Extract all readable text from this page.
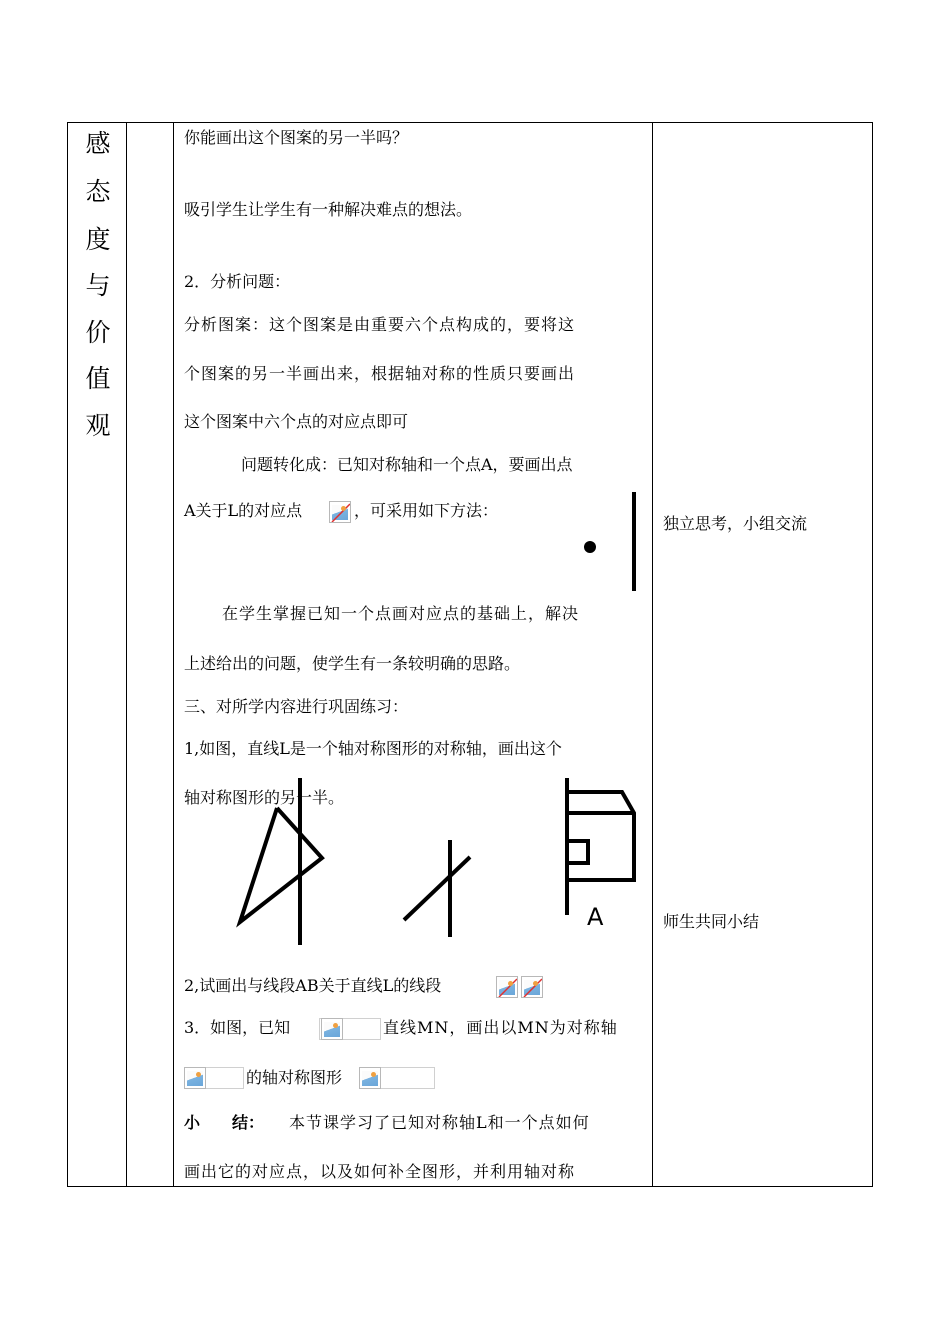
感
态
度
与
价
值
观
你能画出这个图案的另一半吗？
吸引学生让学生有一种解决难点的想法。
2．分析问题：
分析图案：这个图案是由重要六个点构成的，要将这
个图案的另一半画出来，根据轴对称的性质只要画出
这个图案中六个点的对应点即可
问题转化成：已知对称轴和一个点A，要画出点
A关于L的对应点	，可采用如下方法：
在学生掌握已知一个点画对应点的基础上，解决
上述给出的问题，使学生有一条较明确的思路。
三、对所学内容进行巩固练习：
1,如图，直线L是一个轴对称图形的对称轴，画出这个
轴对称图形的另一半。
A
2,试画出与线段AB关于直线L的线段
3．如图，已知	直线MN，画出以MN为对称轴
的轴对称图形
小　　结： 本节课学习了已知对称轴L和一个点如何
画出它的对应点，以及如何补全图形，并利用轴对称
独立思考，小组交流
师生共同小结
